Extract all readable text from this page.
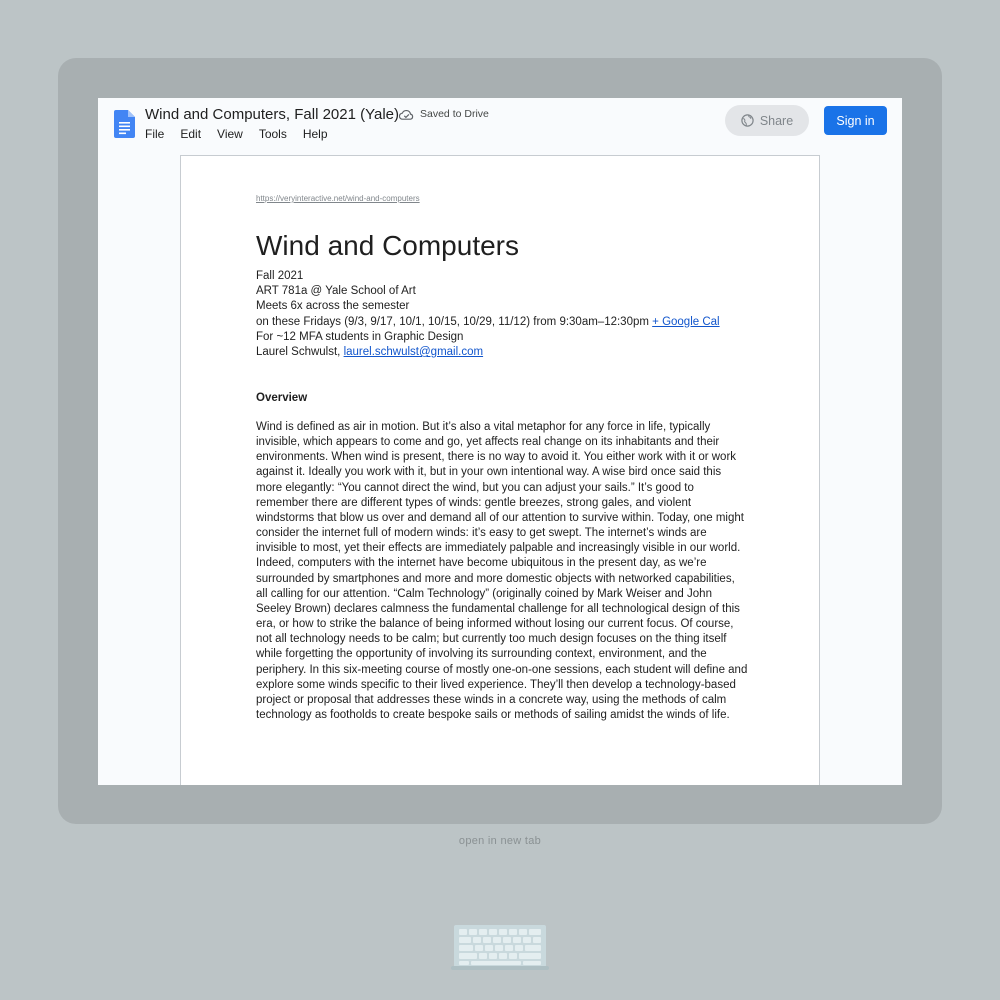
Wind and Computers, Fall 2021 (Yale) Saved to Drive
File Edit View Tools Help
Share	Sign in
https://veryinteractive.net/wind-and-computers
Wind and Computers
Fall 2021
ART 781a @ Yale School of Art
Meets 6x across the semester
on these Fridays (9/3, 9/17, 10/1, 10/15, 10/29, 11/12) from 9:30am–12:30pm + Google Cal
For ~12 MFA students in Graphic Design
Laurel Schwulst, laurel.schwulst@gmail.com
Overview

Wind is defined as air in motion. But it’s also a vital metaphor for any force in life, typically invisible, which appears to come and go, yet affects real change on its inhabitants and their environments. When wind is present, there is no way to avoid it. You either work with it or work against it. Ideally you work with it, but in your own intentional way. A wise bird once said this more elegantly: “You cannot direct the wind, but you can adjust your sails.” It’s good to remember there are different types of winds: gentle breezes, strong gales, and violent windstorms that blow us over and demand all of our attention to survive within. Today, one might consider the internet full of modern winds: it’s easy to get swept. The internet’s winds are invisible to most, yet their effects are immediately palpable and increasingly visible in our world. Indeed, computers with the internet have become ubiquitous in the present day, as we’re surrounded by smartphones and more and more domestic objects with networked capabilities, all calling for our attention. “Calm Technology” (originally coined by Mark Weiser and John Seeley Brown) declares calmness the fundamental challenge for all technological design of this era, or how to strike the balance of being informed without losing our current focus. Of course, not all technology needs to be calm; but currently too much design focuses on the thing itself while forgetting the opportunity of involving its surrounding context, environment, and the periphery. In this six-meeting course of mostly one-on-one sessions, each student will define and explore some winds specific to their lived experience. They’ll then develop a technology-based project or proposal that addresses these winds in a concrete way, using the methods of calm technology as footholds to create bespoke sails or methods of sailing amidst the winds of life.

open in new tab
